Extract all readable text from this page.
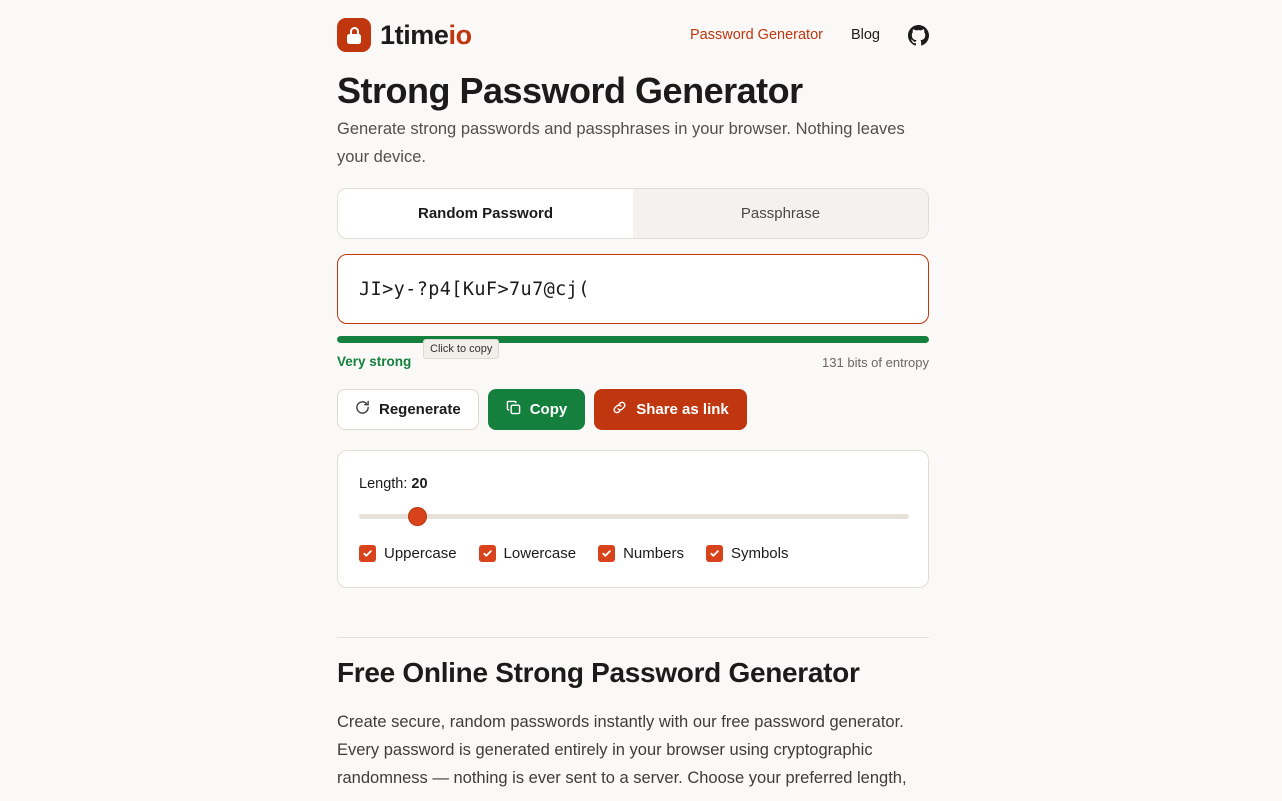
1timeio	Password Generator Blog
Strong Password Generator
Generate strong passwords and passphrases in your browser. Nothing leaves your device.
Random Password	Passphrase
JI>y-?p4[KuF>7u7@cj(
Click to copy
Very strong	131 bits of entropy
Regenerate	Copy	Share as link
Length: 20
Uppercase	Lowercase	Numbers	Symbols
Free Online Strong Password Generator
Create secure, random passwords instantly with our free password generator. Every password is generated entirely in your browser using cryptographic randomness — nothing is ever sent to a server. Choose your preferred length,
